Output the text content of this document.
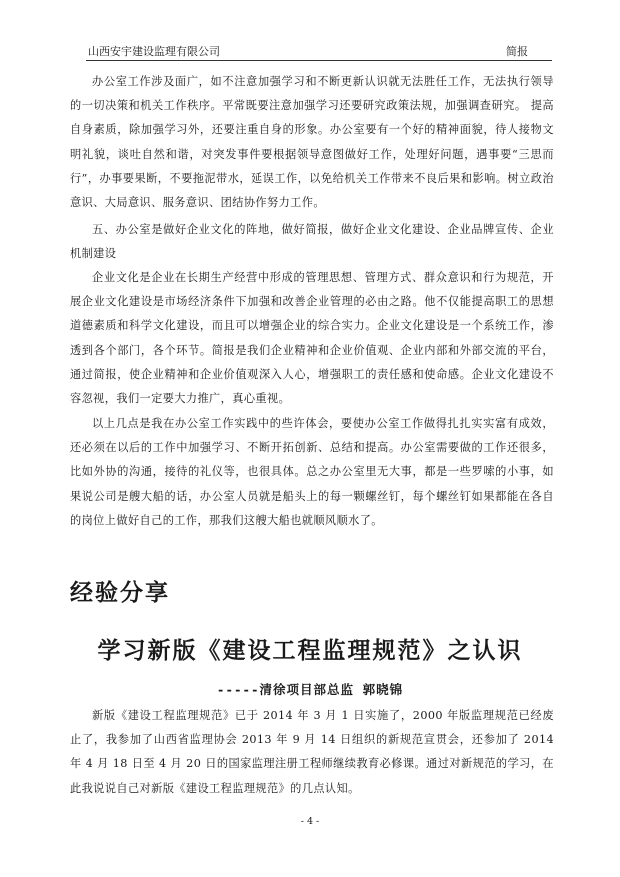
山西安宇建设监理有限公司	简报

办公室工作涉及面广，如不注意加强学习和不断更新认识就无法胜任工作，无法执行领导的一切决策和机关工作秩序。平常既要注意加强学习还要研究政策法规，加强调查研究。 提高自身素质，除加强学习外，还要注重自身的形象。办公室要有一个好的精神面貌，待人接物文明礼貌，谈吐自然和谐，对突发事件要根据领导意图做好工作，处理好问题，遇事要“三思而行”，办事要果断，不要拖泥带水，延误工作，以免给机关工作带来不良后果和影响。树立政治意识、大局意识、服务意识、团结协作努力工作。

五、办公室是做好企业文化的阵地，做好简报，做好企业文化建设、企业品牌宣传、企业机制建设

企业文化是企业在长期生产经营中形成的管理思想、管理方式、群众意识和行为规范，开展企业文化建设是市场经济条件下加强和改善企业管理的必由之路。他不仅能提高职工的思想道德素质和科学文化建设，而且可以增强企业的综合实力。企业文化建设是一个系统工作，渗透到各个部门，各个环节。简报是我们企业精神和企业价值观、企业内部和外部交流的平台，通过简报，使企业精神和企业价值观深入人心，增强职工的责任感和使命感。企业文化建设不容忽视，我们一定要大力推广，真心重视。

以上几点是我在办公室工作实践中的些许体会，要使办公室工作做得扎扎实实富有成效，还必须在以后的工作中加强学习、不断开拓创新、总结和提高。办公室需要做的工作还很多，比如外协的沟通，接待的礼仪等，也很具体。总之办公室里无大事，都是一些罗嗦的小事，如果说公司是艘大船的话，办公室人员就是船头上的每一颗螺丝钉，每个螺丝钉如果都能在各自的岗位上做好自己的工作，那我们这艘大船也就顺风顺水了。

经验分享
学习新版《建设工程监理规范》之认识

-----清徐项目部总监 郭晓锦

新版《建设工程监理规范》已于 2014 年 3 月 1 日实施了，2000 年版监理规范已经废止了，我参加了山西省监理协会 2013 年 9 月 14 日组织的新规范宣贯会，还参加了 2014 年 4 月 18 日至 4 月 20 日的国家监理注册工程师继续教育必修课。通过对新规范的学习，在此我说说自己对新版《建设工程监理规范》的几点认知。

- 4 -
